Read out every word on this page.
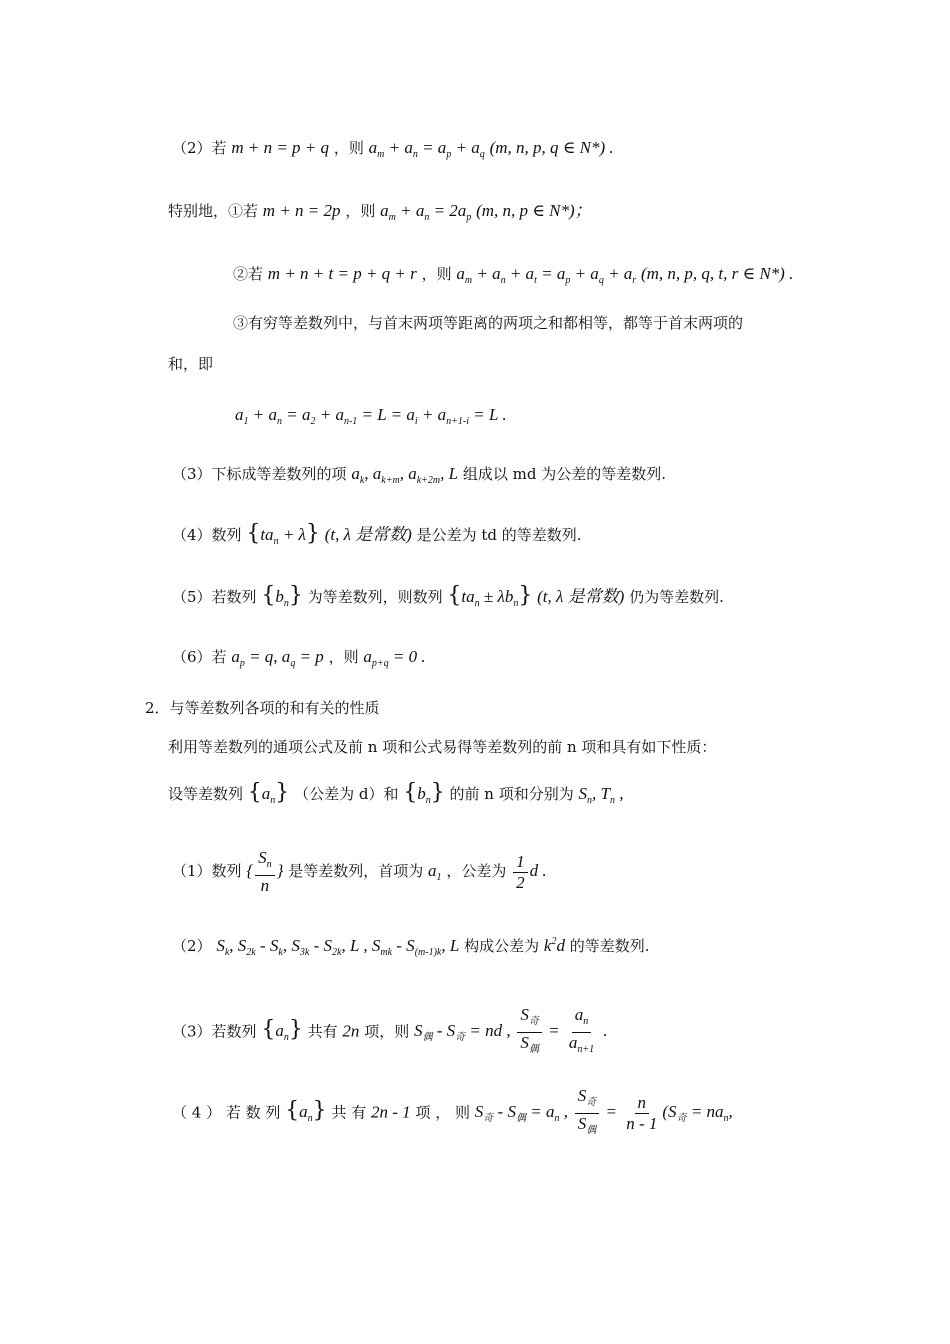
（2）若 m + n = p + q ，则 $a_m + a_n = a_p + a_q$ (m, n, p, q ∈ N*) .
特别地，①若 m + n = 2p ，则 $a_m + a_n = 2a_p$ (m, n, p ∈ N*)；
②若 m + n + t = p + q + r ，则 $a_m + a_n + a_t = a_p + a_q + a_r$ (m, n, p, q, t, r ∈ N*) .
③有穷等差数列中，与首末两项等距离的两项之和都相等，都等于首末两项的
和，即
$a_1 + a_n = a_2 + a_{n-1} = L = a_i + a_{n+1-i} = L$ .
（3）下标成等差数列的项 $a_k$, $a_{k+m}$, $a_{k+2m}$, L 组成以 md 为公差的等差数列.
（4）数列 $\{ta_n + \lambda\}$ (t, λ 是常数) 是公差为 td 的等差数列.
（5）若数列 $\{b_n\}$ 为等差数列，则数列 $\{ta_n \pm \lambda b_n\}$ (t, λ 是常数) 仍为等差数列.
（6）若 $a_p = q$, $a_q = p$ ，则 $a_{p+q} = 0$ .
2．与等差数列各项的和有关的性质
利用等差数列的通项公式及前 n 项和公式易得等差数列的前 n 项和具有如下性质：
设等差数列 $\{a_n\}$ （公差为 d）和 $\{b_n\}$ 的前 n 项和分别为 $S_n$, $T_n$ ,
（1）数列 { $\frac{S_n}{n}$ } 是等差数列，首项为 $a_1$ ，公差为 $\frac{1}{2}$ d .
（2） $S_k$, $S_{2k} - S_k$, $S_{3k} - S_{2k}$, L , $S_{mk} - S_{(m-1)k}$, L 构成公差为 $k^2d$ 的等差数列.
（3）若数列 $\{a_n\}$ 共有 2n 项，则 $S_偶 - S_奇$ = nd , $\frac{S_奇}{S_偶} = \frac{a_n}{a_{n+1}}$ .
（ 4 ） 若 数 列 $\{a_n\}$ 共 有 2n - 1 项 ， 则 $S_奇 - S_偶 = a_n$ , $\frac{S_奇}{S_偶} = \frac{n}{n - 1} (S_奇 = na_n$,
